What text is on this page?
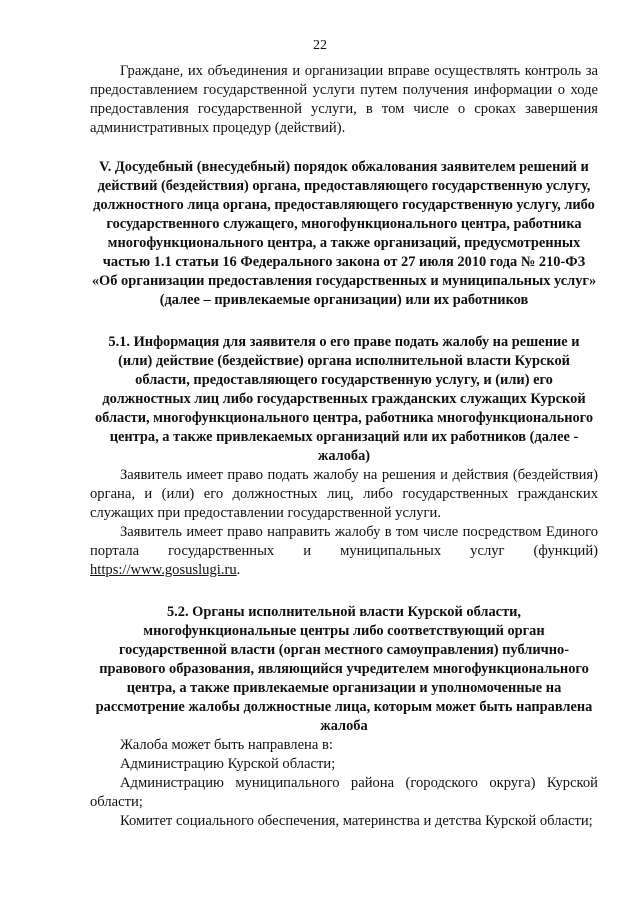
22

Граждане, их объединения и организации вправе осуществлять контроль за предоставлением государственной услуги путем получения информации о ходе предоставления государственной услуги, в том числе о сроках завершения административных процедур (действий).

V. Досудебный (внесудебный) порядок обжалования заявителем решений и действий (бездействия) органа, предоставляющего государственную услугу, должностного лица органа, предоставляющего государственную услугу, либо государственного служащего, многофункционального центра, работника многофункционального центра, а также организаций, предусмотренных частью 1.1 статьи 16 Федерального закона от 27 июля 2010 года № 210-ФЗ «Об организации предоставления государственных и муниципальных услуг» (далее – привлекаемые организации) или их работников
5.1. Информация для заявителя о его праве подать жалобу на решение и (или) действие (бездействие) органа исполнительной власти Курской области, предоставляющего государственную услугу, и (или) его должностных лиц либо государственных гражданских служащих Курской области, многофункционального центра, работника многофункционального центра, а также привлекаемых организаций или их работников (далее - жалоба)

Заявитель имеет право подать жалобу на решения и действия (бездействия) органа, и (или) его должностных лиц, либо государственных гражданских служащих при предоставлении государственной услуги.

Заявитель имеет право направить жалобу в том числе посредством Единого портала государственных и муниципальных услуг (функций) https://www.gosuslugi.ru.

5.2. Органы исполнительной власти Курской области, многофункциональные центры либо соответствующий орган государственной власти (орган местного самоуправления) публично-правового образования, являющийся учредителем многофункционального центра, а также привлекаемые организации и уполномоченные на рассмотрение жалобы должностные лица, которым может быть направлена жалоба

Жалоба может быть направлена в:

Администрацию Курской области;

Администрацию муниципального района (городского округа) Курской области;

Комитет социального обеспечения, материнства и детства Курской области;
